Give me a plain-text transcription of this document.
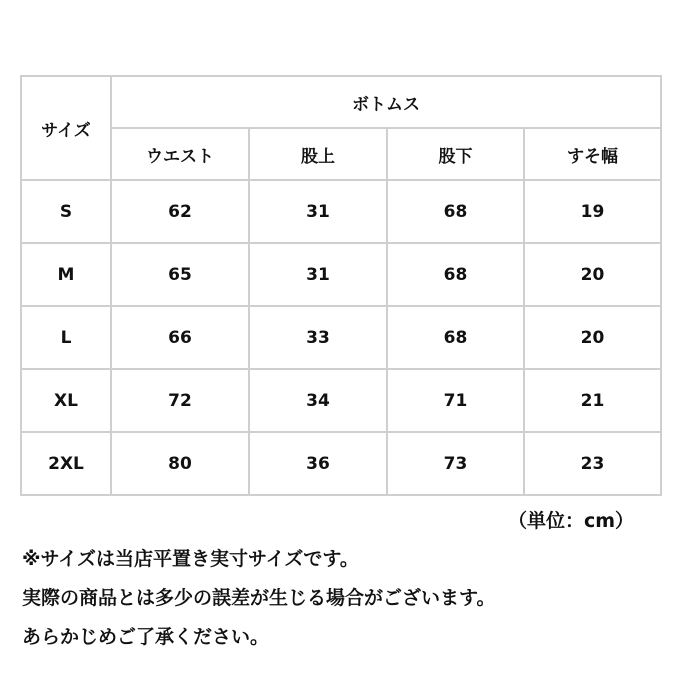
サイズ	ボトムス			
	ウエスト	股上	股下	すそ幅
S	62	31	68	19
M	65	31	68	20
L	66	33	68	20
XL	72	34	71	21
2XL	80	36	73	23
（単位：cm）
※サイズは当店平置き実寸サイズです。
実際の商品とは多少の誤差が生じる場合がございます。
あらかじめご了承ください。
